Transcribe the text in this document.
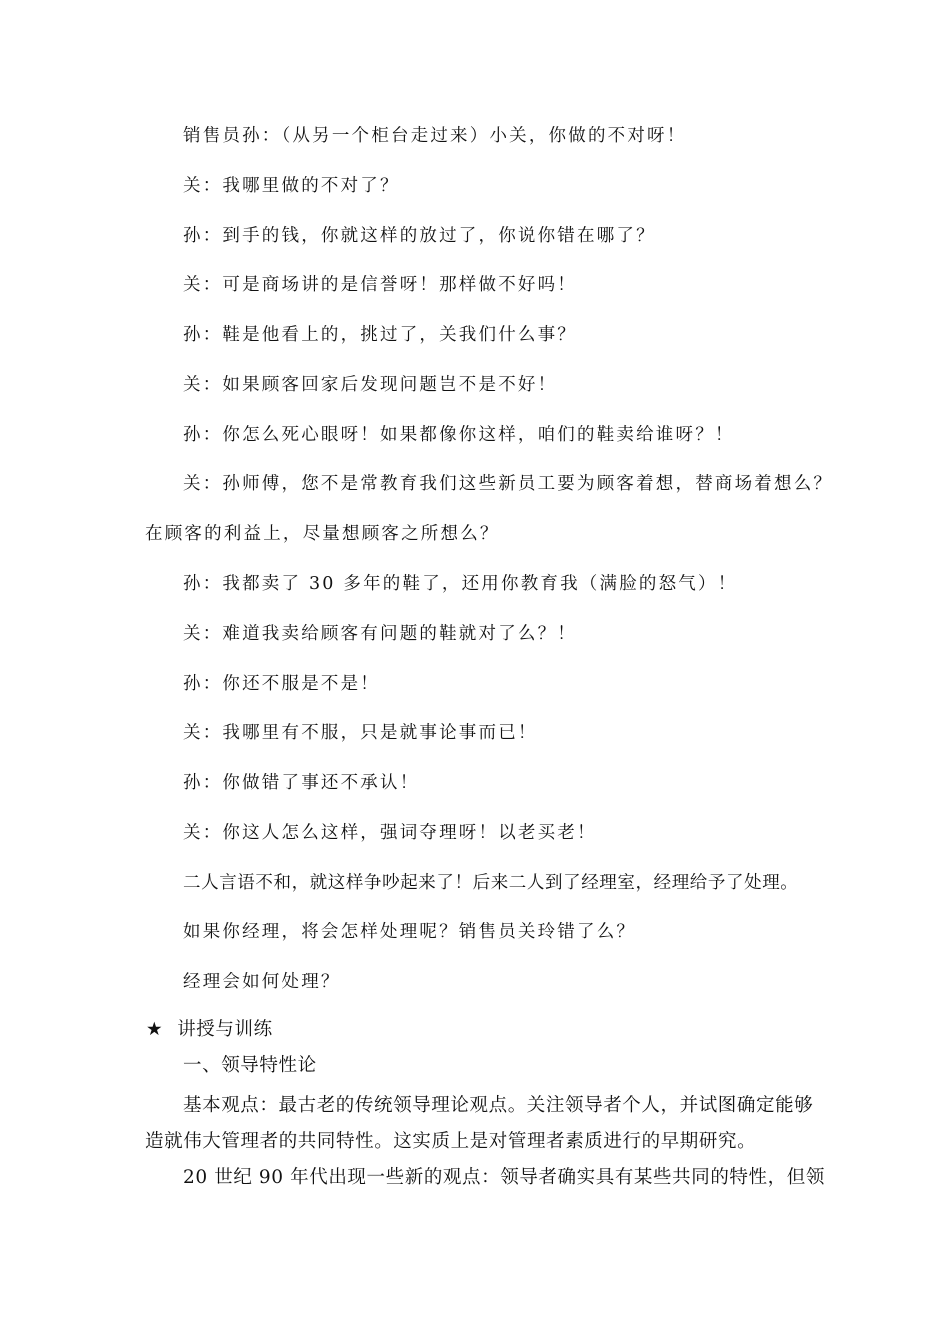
销售员孙：（从另一个柜台走过来）小关，你做的不对呀！
关：我哪里做的不对了？
孙：到手的钱，你就这样的放过了，你说你错在哪了？
关：可是商场讲的是信誉呀！那样做不好吗！
孙：鞋是他看上的，挑过了，关我们什么事？
关：如果顾客回家后发现问题岂不是不好！
孙：你怎么死心眼呀！如果都像你这样，咱们的鞋卖给谁呀？！
关：孙师傅，您不是常教育我们这些新员工要为顾客着想，替商场着想么？
在顾客的利益上，尽量想顾客之所想么？
孙：我都卖了 30 多年的鞋了，还用你教育我（满脸的怒气）！
关：难道我卖给顾客有问题的鞋就对了么？！
孙：你还不服是不是！
关：我哪里有不服，只是就事论事而已！
孙：你做错了事还不承认！
关：你这人怎么这样，强词夺理呀！以老买老！
二人言语不和，就这样争吵起来了！后来二人到了经理室，经理给予了处理。
如果你经理，将会怎样处理呢？销售员关玲错了么？
经理会如何处理？
★ 讲授与训练
一、领导特性论
基本观点：最古老的传统领导理论观点。关注领导者个人，并试图确定能够
造就伟大管理者的共同特性。这实质上是对管理者素质进行的早期研究。
20 世纪 90 年代出现一些新的观点：领导者确实具有某些共同的特性，但领
